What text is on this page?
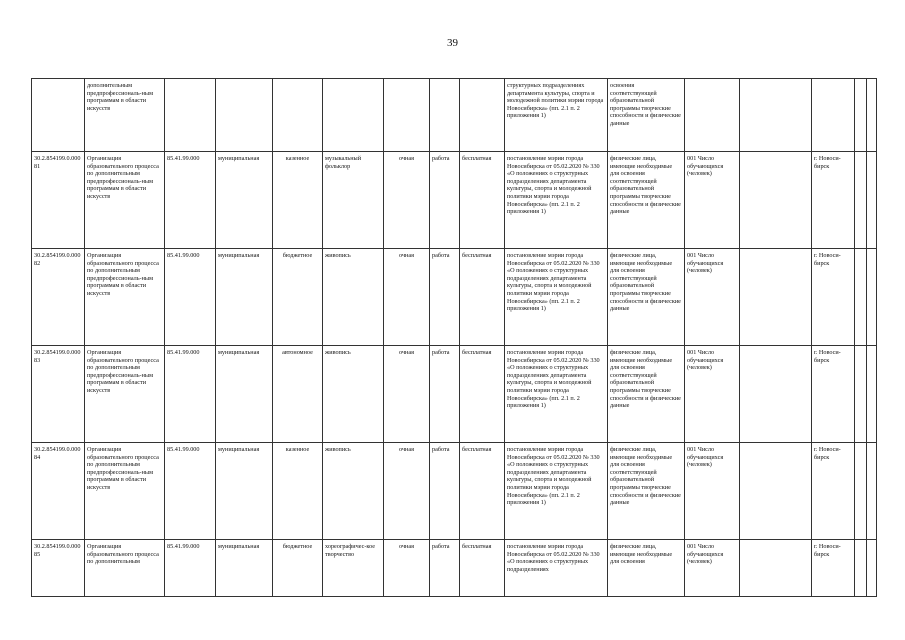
39
	дополнительным предпрофессиональ-ным программам в области искусств								структурных подразделениях департамента культуры, спорта и молодежной политики мэрии города Новосибирска» (пп. 2.1 п. 2 приложения 1)	освоения соответствующей образовательной программы творческие способности и физические данные					
30.2.854199.0.00081	Организация образовательного процесса по дополнительным предпрофессиональ-ным программам в области искусств	85.41.99.000	муниципальная	казенное	музыкальный фольклор	очная	работа	бесплатная	постановление мэрии города Новосибирска от 05.02.2020 № 330 «О положениях о структурных подразделениях департамента культуры, спорта и молодежной политики мэрии города Новосибирска» (пп. 2.1 п. 2 приложения 1)	физические лица, имеющие необходимые для освоения соответствующей образовательной программы творческие способности и физические данные	001 Число обучающихся (человек)		г. Новоси-бирск		
30.2.854199.0.00082	Организация образовательного процесса по дополнительным предпрофессиональ-ным программам в области искусств	85.41.99.000	муниципальная	бюджетное	живопись	очная	работа	бесплатная	постановление мэрии города Новосибирска от 05.02.2020 № 330 «О положениях о структурных подразделениях департамента культуры, спорта и молодежной политики мэрии города Новосибирска» (пп. 2.1 п. 2 приложения 1)	физические лица, имеющие необходимые для освоения соответствующей образовательной программы творческие способности и физические данные	001 Число обучающихся (человек)		г. Новоси-бирск		
30.2.854199.0.00083	Организация образовательного процесса по дополнительным предпрофессиональ-ным программам в области искусств	85.41.99.000	муниципальная	автономное	живопись	очная	работа	бесплатная	постановление мэрии города Новосибирска от 05.02.2020 № 330 «О положениях о структурных подразделениях департамента культуры, спорта и молодежной политики мэрии города Новосибирска» (пп. 2.1 п. 2 приложения 1)	физические лица, имеющие необходимые для освоения соответствующей образовательной программы творческие способности и физические данные	001 Число обучающихся (человек)		г. Новоси-бирск		
30.2.854199.0.00084	Организация образовательного процесса по дополнительным предпрофессиональ-ным программам в области искусств	85.41.99.000	муниципальная	казенное	живопись	очная	работа	бесплатная	постановление мэрии города Новосибирска от 05.02.2020 № 330 «О положениях о структурных подразделениях департамента культуры, спорта и молодежной политики мэрии города Новосибирска» (пп. 2.1 п. 2 приложения 1)	физические лица, имеющие необходимые для освоения соответствующей образовательной программы творческие способности и физические данные	001 Число обучающихся (человек)		г. Новоси-бирск		
30.2.854199.0.00085	Организация образовательного процесса по дополнительным	85.41.99.000	муниципальная	бюджетное	хореографичес-кое творчество	очная	работа	бесплатная	постановление мэрии города Новосибирска от 05.02.2020 № 330 «О положениях о структурных подразделениях	физические лица, имеющие необходимые для освоения	001 Число обучающихся (человек)		г. Новоси-бирск		
